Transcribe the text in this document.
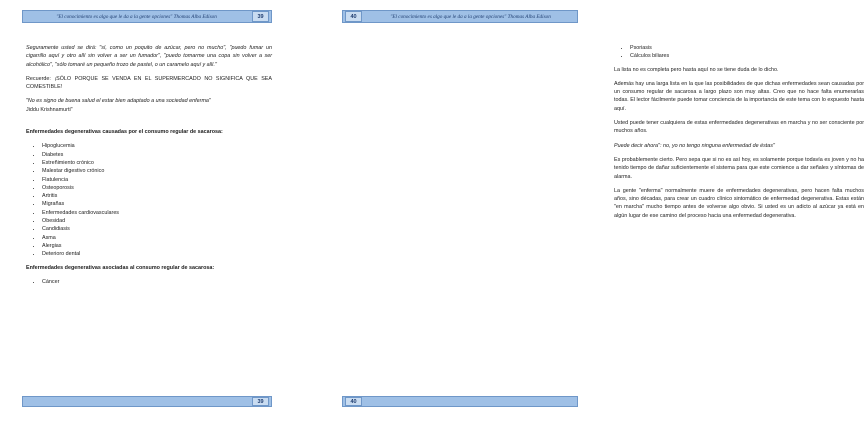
"El conocimiento es algo que le da a la gente opciones" Thomas Alba Edison	39

Seguramente usted se dirá: "sí, como un poquito de azúcar, pero no mucho", "puedo fumar un cigarrillo aquí y otro allí sin volver a ser un fumador", "puedo tomarme una copa sin volver a ser alcohólico", "sólo tomaré un pequeño trozo de pastel, o un caramelo aquí y allí."

Recuerde: ¡SÓLO PORQUE SE VENDA EN EL SUPERMERCADO NO SIGNIFICA QUE SEA COMESTIBLE!

"No es signo de buena salud el estar bien adaptado a una sociedad enferma"

Jiddu Krishnamurti"

Enfermedades degenerativas causadas por el consumo regular de sacarosa:

• Hipoglucemia
• Diabetes
• Estreñimiento crónico
• Malestar digestivo crónico
• Flatulencia
• Osteoporosis
• Artritis
• Migrañas
• Enfermedades cardiovasculares
• Obesidad
• Candidiasis
• Asma
• Alergias
• Deterioro dental

Enfermedades degenerativas asociadas al consumo regular de sacarosa:

• Cáncer
39
40	"El conocimiento es algo que le da a la gente opciones" Thomas Alba Edison
• Psoriasis
• Cálculos biliares

La lista no es completa pero hasta aquí no se tiene duda de lo dicho.

Además hay una larga lista en la que las posibilidades de que dichas enfermedades sean causadas por un consumo regular de sacarosa a largo plazo son muy altas. Creo que no hace falta enumerarlas todas. El lector fácilmente puede tomar conciencia de la importancia de este tema con lo expuesto hasta aquí.

Usted puede tener cualquiera de estas enfermedades degenerativas en marcha y no ser consciente por muchos años.

Puede decir ahora": no, yo no tengo ninguna enfermedad de éstas"

Es probablemente cierto. Pero sepa que si no es así hoy, es solamente porque todavía es joven y no ha tenido tiempo de dañar suficientemente el sistema para que este comience a dar señales y síntomas de alarma.

La gente "enferma" normalmente muere de enfermedades degenerativas, pero hacen falta muchos años, sino décadas, para crear un cuadro clínico sintomático de enfermedad degenerativa. Estas están "en marcha" mucho tiempo antes de volverse algo obvio. Si usted es un adicto al azúcar ya está en algún lugar de ese camino del proceso hacia una enfermedad degenerativa.

40
